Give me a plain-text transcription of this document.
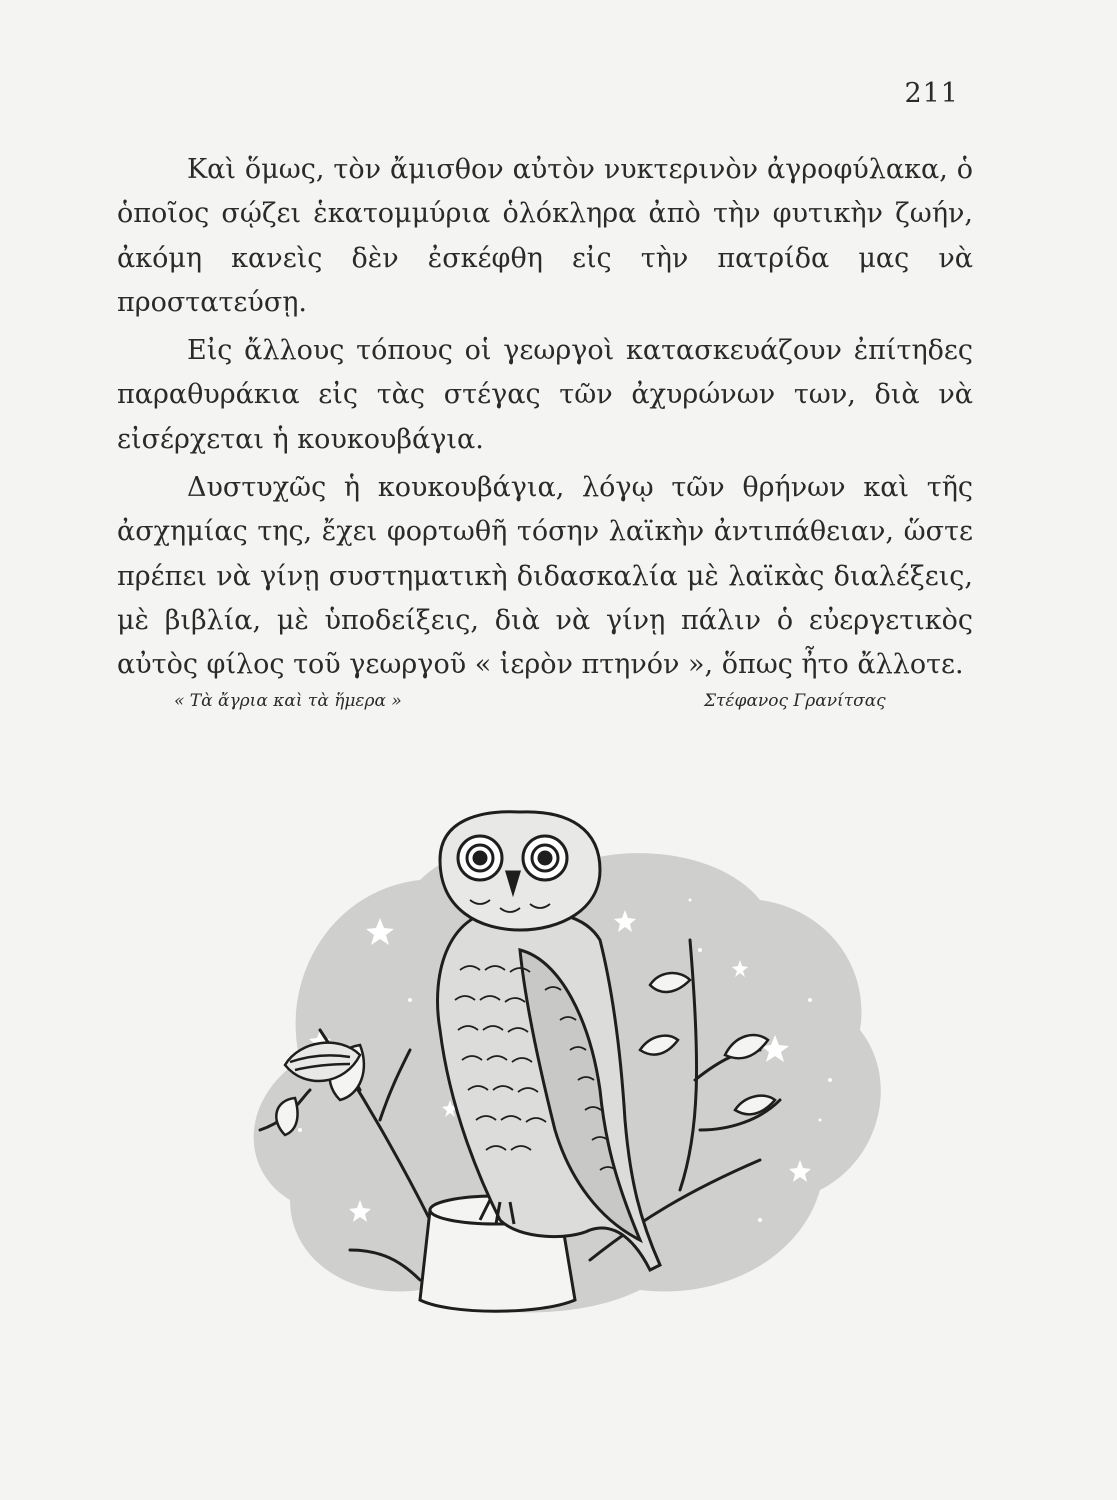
211

Καὶ ὅμως, τὸν ἄμισθον αὐτὸν νυκτερινὸν ἀγροφύλακα, ὁ ὁποῖος σῴζει ἑκατομμύρια ὁλόκληρα ἀπὸ τὴν φυτικὴν ζωήν, ἀκόμη κανεὶς δὲν ἐσκέφθη εἰς τὴν πατρίδα μας νὰ προστατεύσῃ.

Εἰς ἄλλους τόπους οἱ γεωργοὶ κατασκευάζουν ἐπίτηδες παραθυράκια εἰς τὰς στέγας τῶν ἀχυρώνων των, διὰ νὰ εἰσέρχεται ἡ κουκουβάγια.

Δυστυχῶς ἡ κουκουβάγια, λόγῳ τῶν θρήνων καὶ τῆς ἀσχημίας της, ἔχει φορτωθῆ τόσην λαϊκὴν ἀντιπάθειαν, ὥστε πρέπει νὰ γίνῃ συστηματικὴ διδασκαλία μὲ λαϊκὰς διαλέξεις, μὲ βιβλία, μὲ ὑποδείξεις, διὰ νὰ γίνῃ πάλιν ὁ εὐεργετικὸς αὐτὸς φίλος τοῦ γεωργοῦ « ἱερὸν πτηνόν », ὅπως ἦτο ἄλλοτε.

« Τὰ ἄγρια καὶ τὰ ἥμερα »	Στέφανος Γρανίτσας
